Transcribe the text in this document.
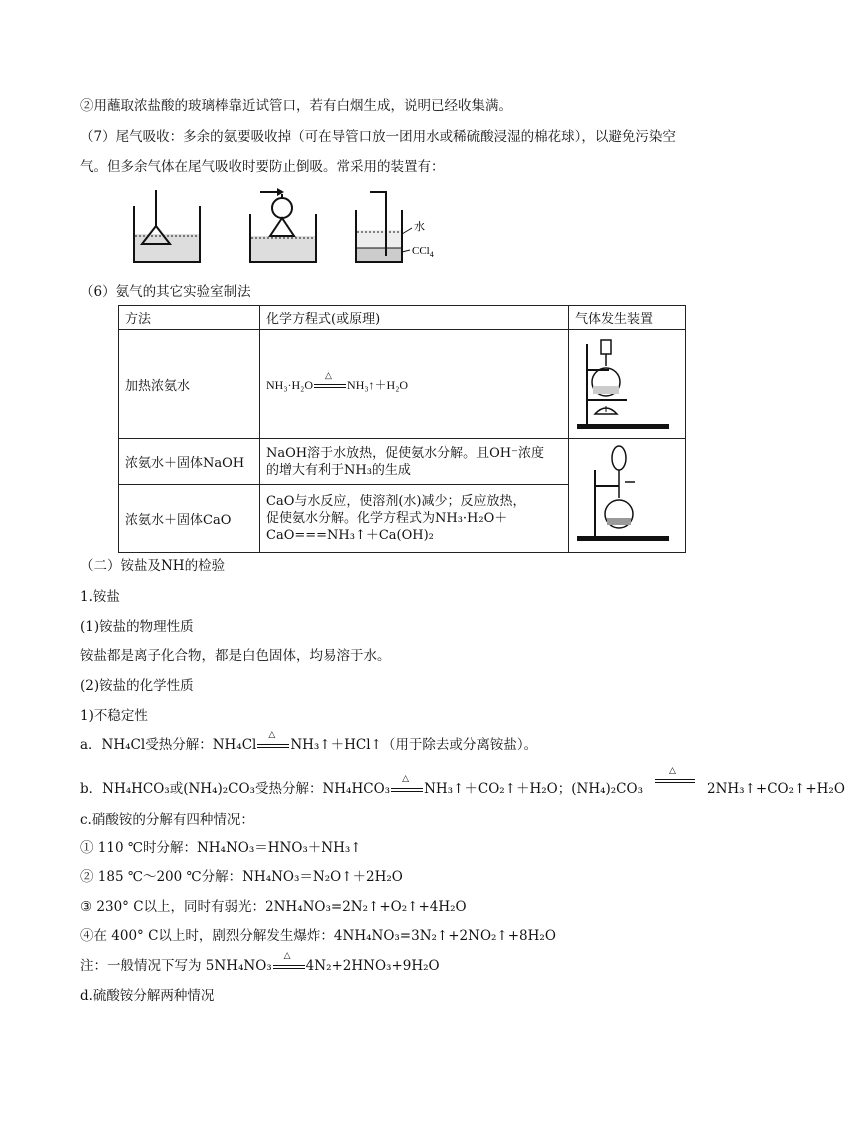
②用蘸取浓盐酸的玻璃棒靠近试管口，若有白烟生成，说明已经收集满。
（7）尾气吸收：多余的氨要吸收掉（可在导管口放一团用水或稀硫酸浸湿的棉花球），以避免污染空
气。但多余气体在尾气吸收时要防止倒吸。常采用的装置有：
水
CCl$_4$
（6）氨气的其它实验室制法
方法	化学方程式(或原理)	气体发生装置
加热浓氨水	NH₃·H₂O
△
NH₃↑＋H₂O	
浓氨水＋固体NaOH	NaOH溶于水放热，促使氨水分解。且OH⁻浓度
的增大有利于NH₃的生成

浓氨水＋固体CaO	CaO与水反应，使溶剂(水)减少；反应放热，
促使氨水分解。化学方程式为NH₃·H₂O＋
CaO===NH₃↑＋Ca(OH)₂	
（二）铵盐及NH的检验
1.铵盐
(1)铵盐的物理性质
铵盐都是离子化合物，都是白色固体，均易溶于水。
(2)铵盐的化学性质
1)不稳定性
a．NH₄Cl受热分解：NH₄Cl
△
NH₃↑＋HCl↑（用于除去或分离铵盐）。
b．NH₄HCO₃或(NH₄)₂CO₃受热分解：NH₄HCO₃
△
NH₃↑＋CO₂↑＋H₂O；(NH₄)₂CO₃
△
2NH₃↑+CO₂↑+H₂O
c.硝酸铵的分解有四种情况：
① 110 ℃时分解：NH₄NO₃＝HNO₃＋NH₃↑
② 185 ℃～200 ℃分解：NH₄NO₃＝N₂O↑＋2H₂O
③ 230° C以上，同时有弱光：2NH₄NO₃=2N₂↑+O₂↑+4H₂O
④在 400° C以上时，剧烈分解发生爆炸：4NH₄NO₃=3N₂↑+2NO₂↑+8H₂O
注：一般情况下写为 5NH₄NO₃
△
4N₂+2HNO₃+9H₂O
d.硫酸铵分解两种情况
